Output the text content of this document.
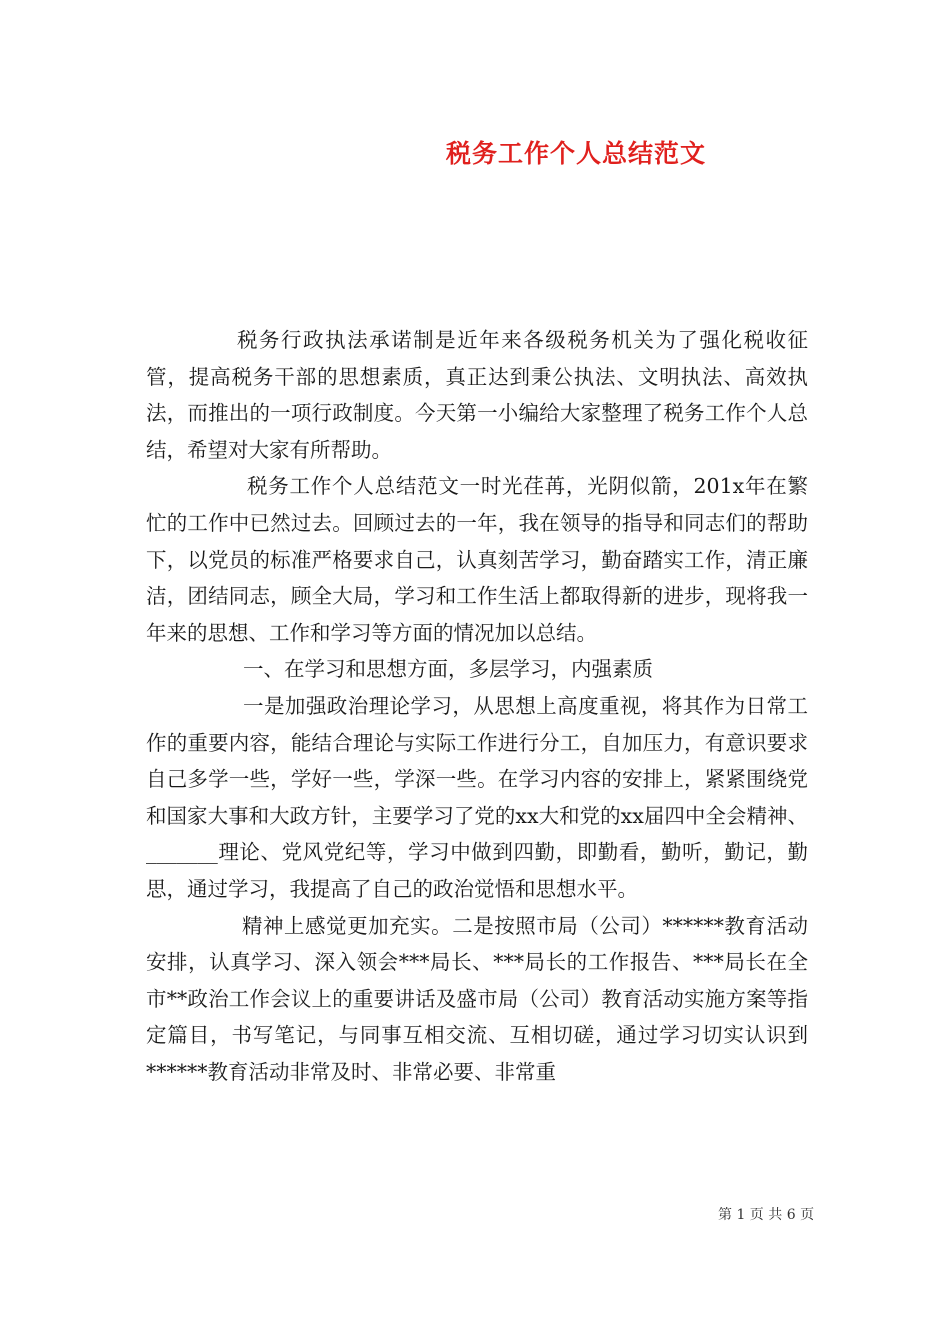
税务工作个人总结范文

税务行政执法承诺制是近年来各级税务机关为了强化税收征管，提高税务干部的思想素质，真正达到秉公执法、文明执法、高效执法，而推出的一项行政制度。今天第一小编给大家整理了税务工作个人总结，希望对大家有所帮助。

税务工作个人总结范文一时光荏苒，光阴似箭，201x年在繁忙的工作中已然过去。回顾过去的一年，我在领导的指导和同志们的帮助下，以党员的标准严格要求自己，认真刻苦学习，勤奋踏实工作，清正廉洁，团结同志，顾全大局，学习和工作生活上都取得新的进步，现将我一年来的思想、工作和学习等方面的情况加以总结。

一、在学习和思想方面，多层学习，内强素质

一是加强政治理论学习，从思想上高度重视，将其作为日常工作的重要内容，能结合理论与实际工作进行分工，自加压力，有意识要求自己多学一些，学好一些，学深一些。在学习内容的安排上，紧紧围绕党和国家大事和大政方针，主要学习了党的xx大和党的xx届四中全会精神、_______理论、党风党纪等，学习中做到四勤，即勤看，勤听，勤记，勤思，通过学习，我提高了自己的政治觉悟和思想水平。

精神上感觉更加充实。二是按照市局（公司）******教育活动安排，认真学习、深入领会***局长、***局长的工作报告、***局长在全市**政治工作会议上的重要讲话及盛市局（公司）教育活动实施方案等指定篇目，书写笔记，与同事互相交流、互相切磋，通过学习切实认识到******教育活动非常及时、非常必要、非常重

第 1 页 共 6 页
